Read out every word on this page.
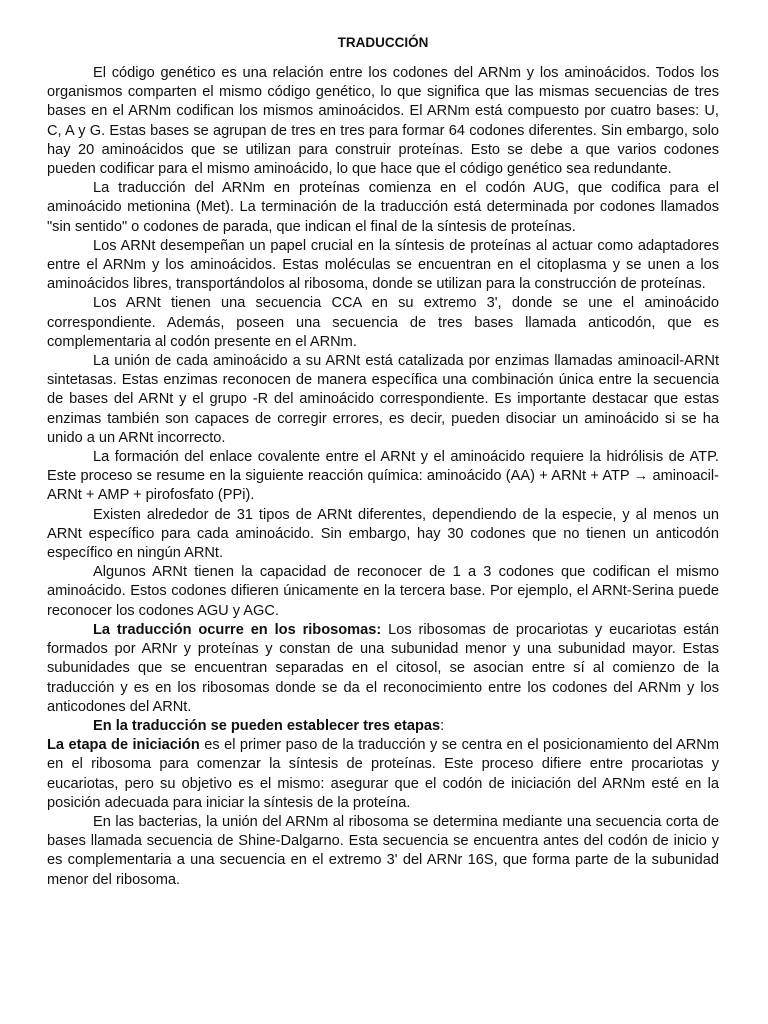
TRADUCCIÓN

El código genético es una relación entre los codones del ARNm y los aminoácidos. Todos los organismos comparten el mismo código genético, lo que significa que las mismas secuencias de tres bases en el ARNm codifican los mismos aminoácidos. El ARNm está compuesto por cuatro bases: U, C, A y G. Estas bases se agrupan de tres en tres para formar 64 codones diferentes. Sin embargo, solo hay 20 aminoácidos que se utilizan para construir proteínas. Esto se debe a que varios codones pueden codificar para el mismo aminoácido, lo que hace que el código genético sea redundante.

La traducción del ARNm en proteínas comienza en el codón AUG, que codifica para el aminoácido metionina (Met). La terminación de la traducción está determinada por codones llamados "sin sentido" o codones de parada, que indican el final de la síntesis de proteínas.

Los ARNt desempeñan un papel crucial en la síntesis de proteínas al actuar como adaptadores entre el ARNm y los aminoácidos. Estas moléculas se encuentran en el citoplasma y se unen a los aminoácidos libres, transportándolos al ribosoma, donde se utilizan para la construcción de proteínas.

Los ARNt tienen una secuencia CCA en su extremo 3', donde se une el aminoácido correspondiente. Además, poseen una secuencia de tres bases llamada anticodón, que es complementaria al codón presente en el ARNm.

La unión de cada aminoácido a su ARNt está catalizada por enzimas llamadas aminoacil-ARNt sintetasas. Estas enzimas reconocen de manera específica una combinación única entre la secuencia de bases del ARNt y el grupo -R del aminoácido correspondiente. Es importante destacar que estas enzimas también son capaces de corregir errores, es decir, pueden disociar un aminoácido si se ha unido a un ARNt incorrecto.

La formación del enlace covalente entre el ARNt y el aminoácido requiere la hidrólisis de ATP. Este proceso se resume en la siguiente reacción química: aminoácido (AA) + ARNt + ATP → aminoacil-ARNt + AMP + pirofosfato (PPi).

Existen alrededor de 31 tipos de ARNt diferentes, dependiendo de la especie, y al menos un ARNt específico para cada aminoácido. Sin embargo, hay 30 codones que no tienen un anticodón específico en ningún ARNt.

Algunos ARNt tienen la capacidad de reconocer de 1 a 3 codones que codifican el mismo aminoácido. Estos codones difieren únicamente en la tercera base. Por ejemplo, el ARNt-Serina puede reconocer los codones AGU y AGC.

La traducción ocurre en los ribosomas: Los ribosomas de procariotas y eucariotas están formados por ARNr y proteínas y constan de una subunidad menor y una subunidad mayor. Estas subunidades que se encuentran separadas en el citosol, se asocian entre sí al comienzo de la traducción y es en los ribosomas donde se da el reconocimiento entre los codones del ARNm y los anticodones del ARNt.

En la traducción se pueden establecer tres etapas:

La etapa de iniciación es el primer paso de la traducción y se centra en el posicionamiento del ARNm en el ribosoma para comenzar la síntesis de proteínas. Este proceso difiere entre procariotas y eucariotas, pero su objetivo es el mismo: asegurar que el codón de iniciación del ARNm esté en la posición adecuada para iniciar la síntesis de la proteína.

En las bacterias, la unión del ARNm al ribosoma se determina mediante una secuencia corta de bases llamada secuencia de Shine-Dalgarno. Esta secuencia se encuentra antes del codón de inicio y es complementaria a una secuencia en el extremo 3' del ARNr 16S, que forma parte de la subunidad menor del ribosoma.
